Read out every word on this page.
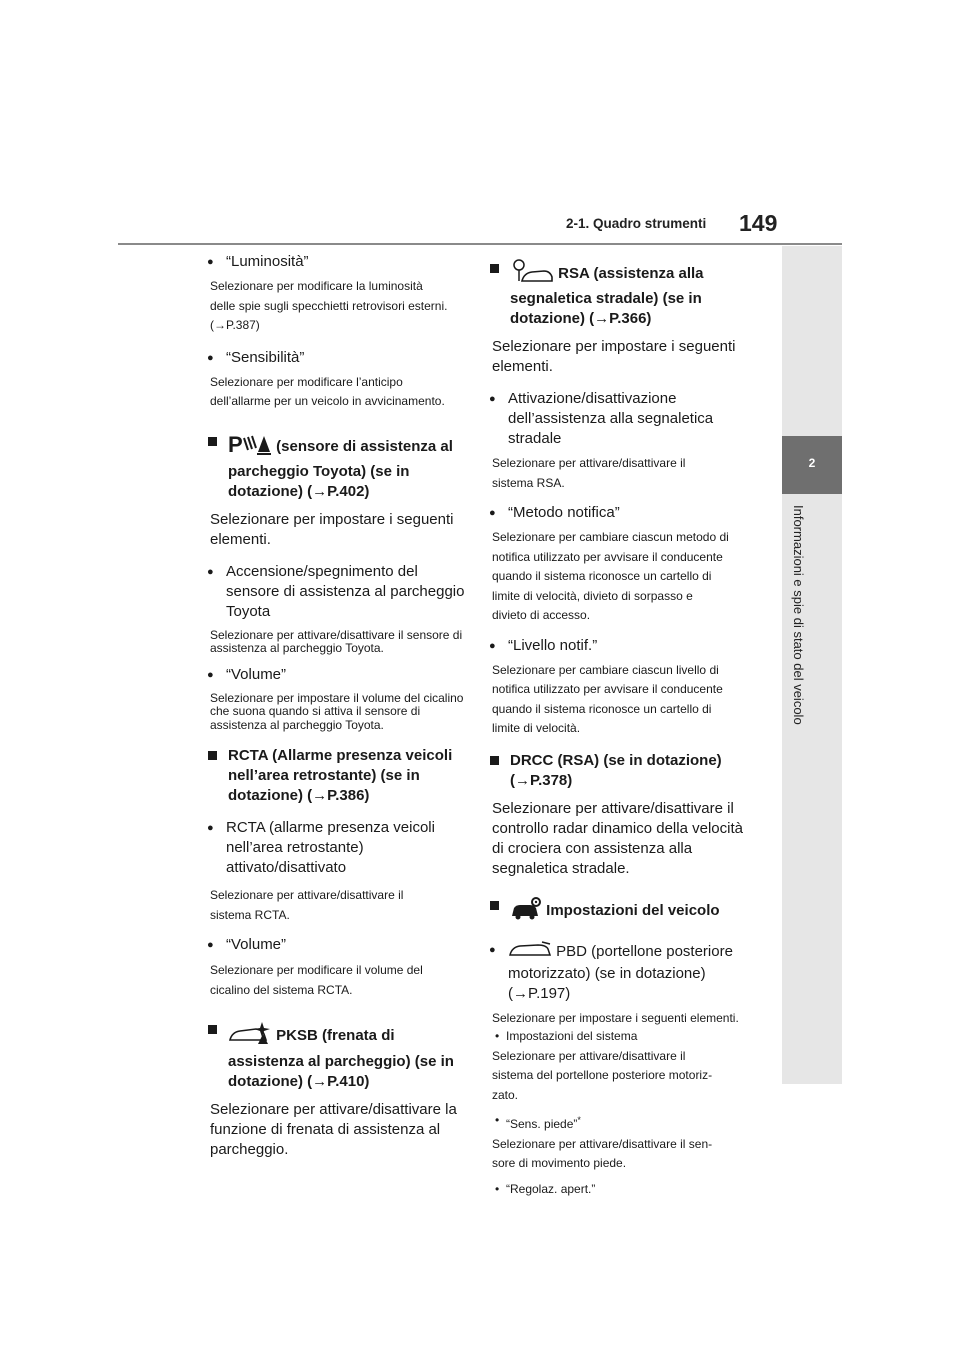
2-1. Quadro strumenti 149
2
Informazioni e spie di stato del veicolo
● “Luminosità”
Selezionare per modificare la luminosità
delle spie sugli specchietti retrovisori esterni.
(→P.387)
● “Sensibilità”
Selezionare per modificare l’anticipo
dell’allarme per un veicolo in avvicinamento.
P (sensore di assistenza al parcheggio Toyota) (se in dotazione) (→P.402)
Selezionare per impostare i seguenti elementi.
● Accensione/spegnimento del sensore di assistenza al parcheggio Toyota
Selezionare per attivare/disattivare il sensore di assistenza al parcheggio Toyota.
● “Volume”
Selezionare per impostare il volume del cicalino che suona quando si attiva il sensore di assistenza al parcheggio Toyota.
RCTA (Allarme presenza veicoli nell’area retrostante) (se in dotazione) (→P.386)
● RCTA (allarme presenza veicoli nell’area retrostante) attivato/disattivato
Selezionare per attivare/disattivare il
sistema RCTA.
● “Volume”
Selezionare per modificare il volume del
cicalino del sistema RCTA.
PKSB (frenata di assistenza al parcheggio) (se in dotazione) (→P.410)
Selezionare per attivare/disattivare la funzione di frenata di assistenza al parcheggio.
RSA (assistenza alla segnaletica stradale) (se in dotazione) (→P.366)
Selezionare per impostare i seguenti elementi.
● Attivazione/disattivazione dell’assistenza alla segnaletica stradale
Selezionare per attivare/disattivare il
sistema RSA.
● “Metodo notifica”
Selezionare per cambiare ciascun metodo di
notifica utilizzato per avvisare il conducente
quando il sistema riconosce un cartello di
limite di velocità, divieto di sorpasso e
divieto di accesso.
● “Livello notif.”
Selezionare per cambiare ciascun livello di
notifica utilizzato per avvisare il conducente
quando il sistema riconosce un cartello di
limite di velocità.
DRCC (RSA) (se in dotazione) (→P.378)
Selezionare per attivare/disattivare il controllo radar dinamico della velocità di crociera con assistenza alla segnaletica stradale.
Impostazioni del veicolo
● PBD (portellone posteriore motorizzato) (se in dotazione) (→P.197)
Selezionare per impostare i seguenti elementi.
• Impostazioni del sistema
Selezionare per attivare/disattivare il
sistema del portellone posteriore motoriz-
zato.
• “Sens. piede”*
Selezionare per attivare/disattivare il sen-
sore di movimento piede.
• “Regolaz. apert.”
